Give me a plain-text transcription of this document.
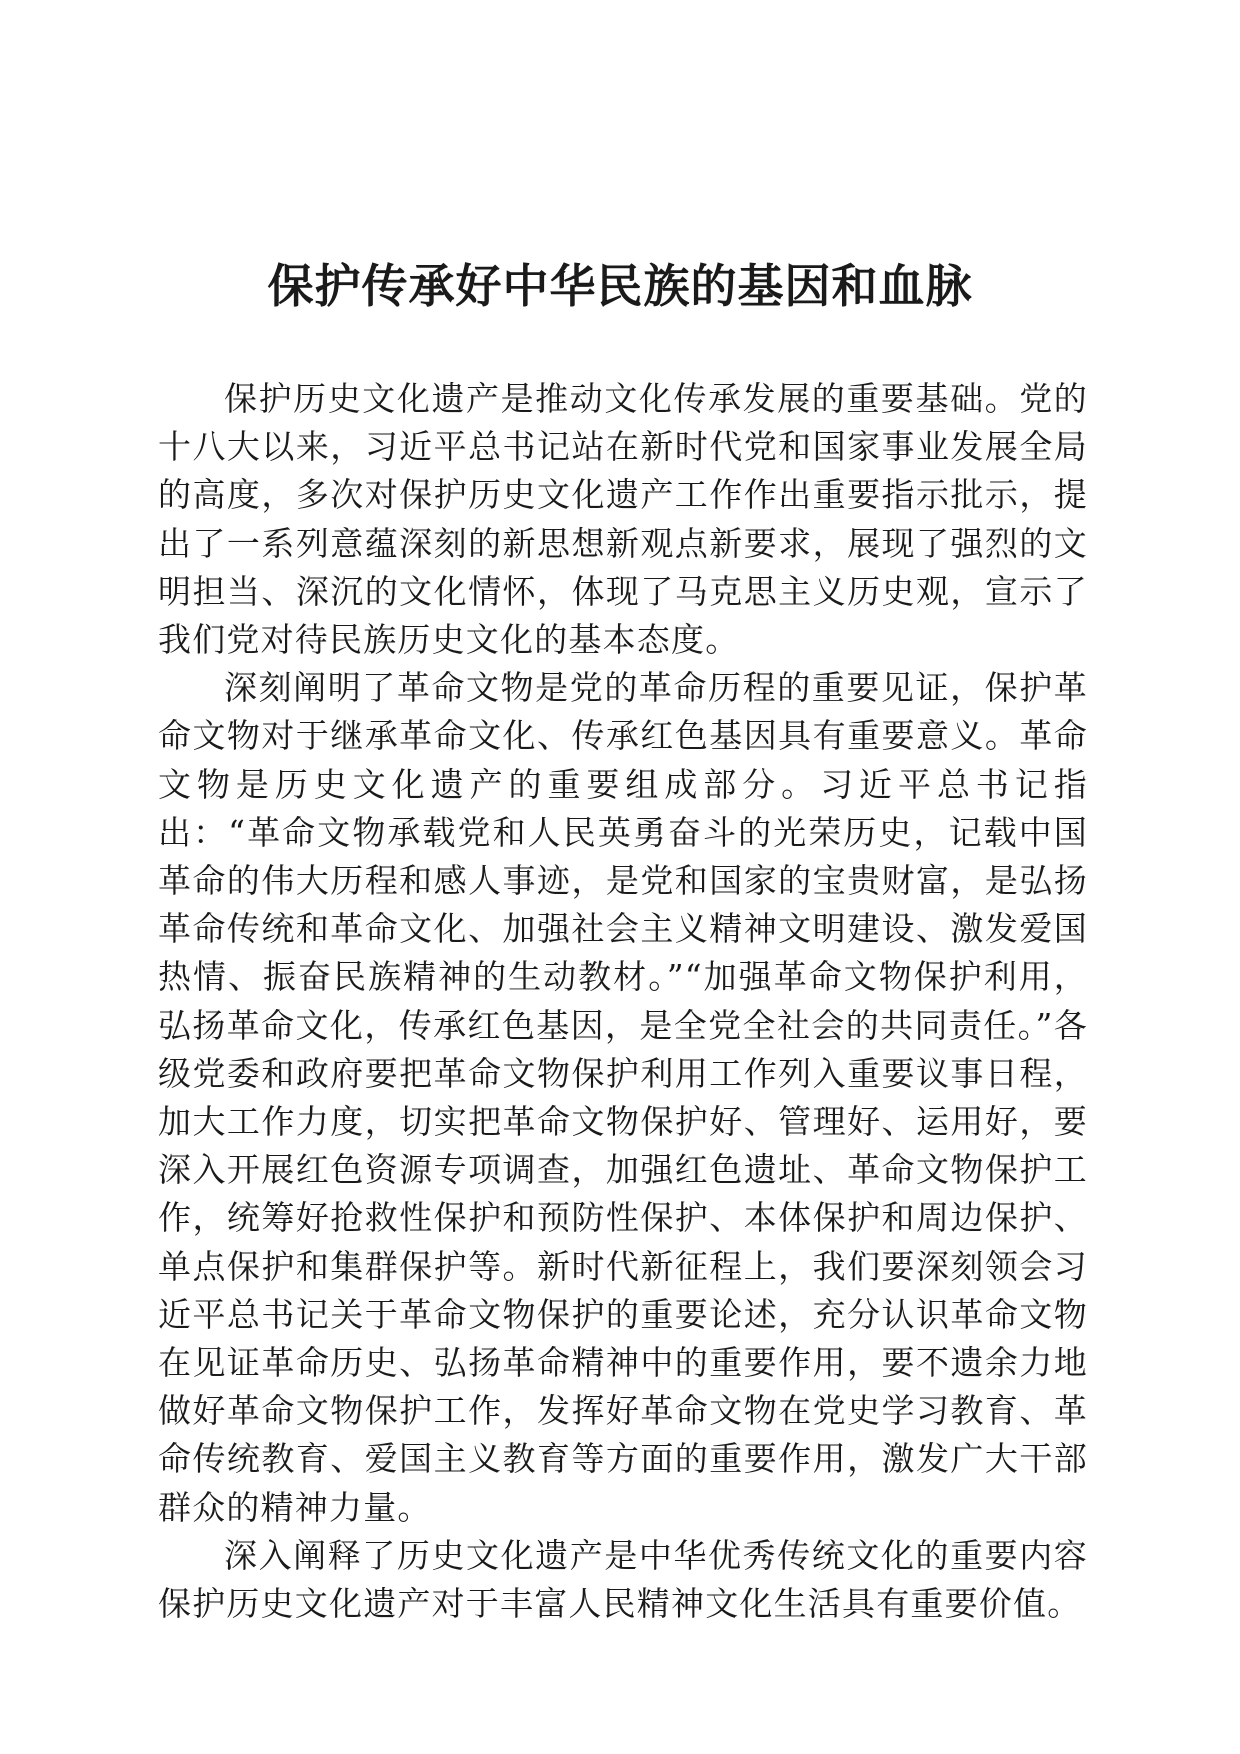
保护传承好中华民族的基因和血脉

保护历史文化遗产是推动文化传承发展的重要基础。党的十八大以来，习近平总书记站在新时代党和国家事业发展全局的高度，多次对保护历史文化遗产工作作出重要指示批示，提出了一系列意蕴深刻的新思想新观点新要求，展现了强烈的文明担当、深沉的文化情怀，体现了马克思主义历史观，宣示了我们党对待民族历史文化的基本态度。

深刻阐明了革命文物是党的革命历程的重要见证，保护革命文物对于继承革命文化、传承红色基因具有重要意义。革命文物是历史文化遗产的重要组成部分。习近平总书记指出：“革命文物承载党和人民英勇奋斗的光荣历史，记载中国革命的伟大历程和感人事迹，是党和国家的宝贵财富，是弘扬革命传统和革命文化、加强社会主义精神文明建设、激发爱国热情、振奋民族精神的生动教材。”“加强革命文物保护利用，弘扬革命文化，传承红色基因，是全党全社会的共同责任。”各级党委和政府要把革命文物保护利用工作列入重要议事日程，加大工作力度，切实把革命文物保护好、管理好、运用好，要深入开展红色资源专项调查，加强红色遗址、革命文物保护工作，统筹好抢救性保护和预防性保护、本体保护和周边保护、单点保护和集群保护等。新时代新征程上，我们要深刻领会习近平总书记关于革命文物保护的重要论述，充分认识革命文物在见证革命历史、弘扬革命精神中的重要作用，要不遗余力地做好革命文物保护工作，发挥好革命文物在党史学习教育、革命传统教育、爱国主义教育等方面的重要作用，激发广大干部群众的精神力量。

深入阐释了历史文化遗产是中华优秀传统文化的重要内容保护历史文化遗产对于丰富人民精神文化生活具有重要价值。
